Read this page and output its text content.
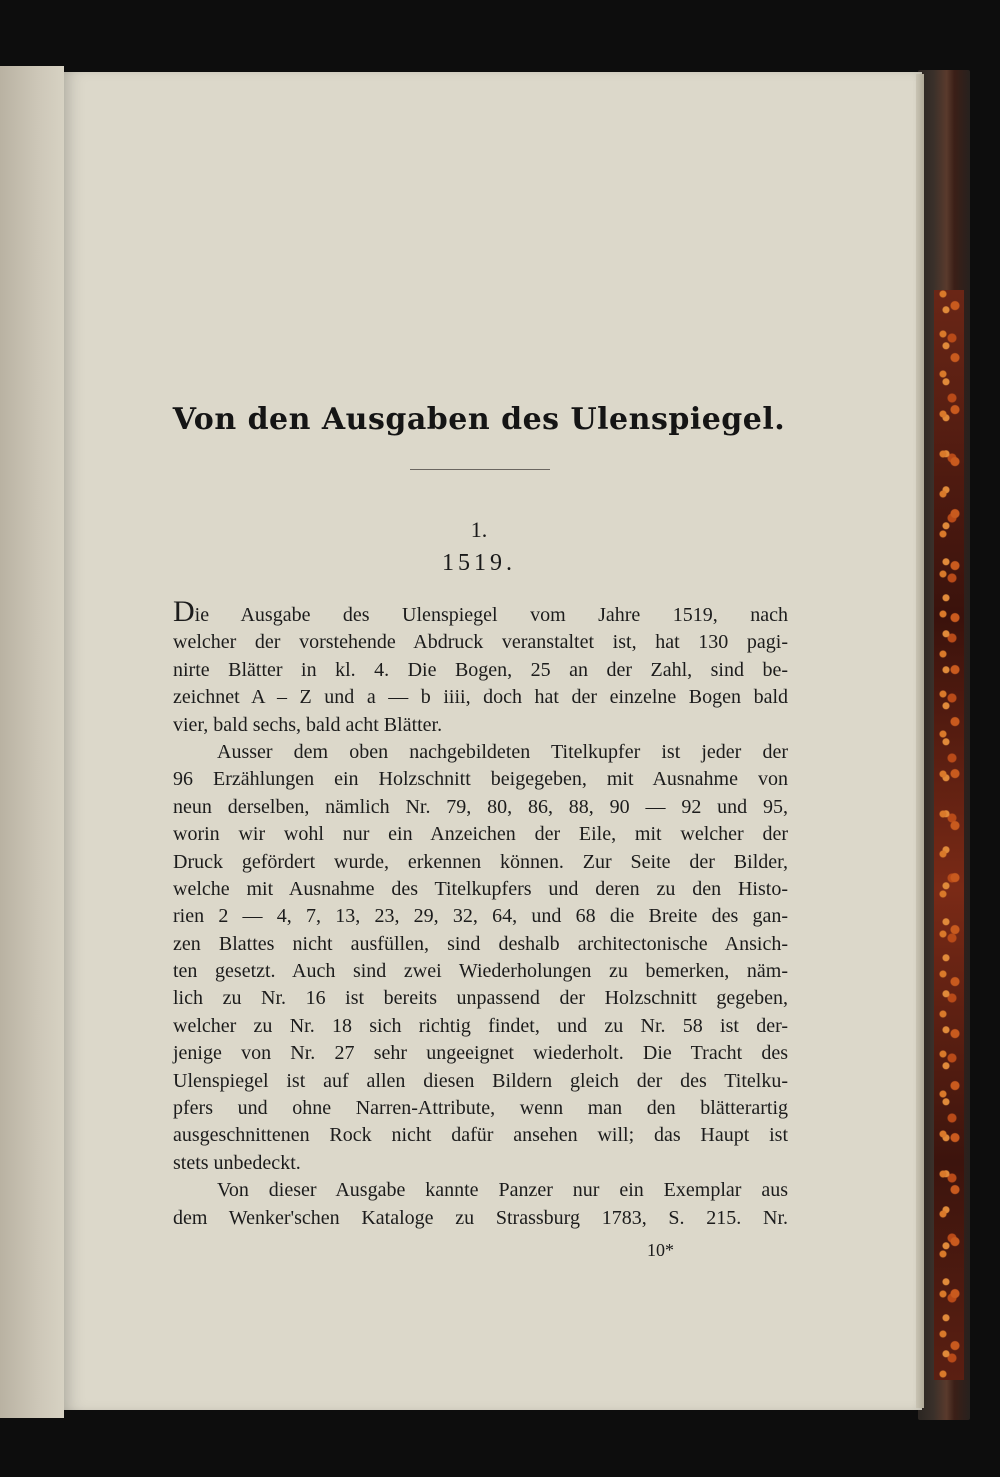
Von den Ausgaben des Ulenspiegel.
1.
1519.
Die Ausgabe des Ulenspiegel vom Jahre 1519, nach
welcher der vorstehende Abdruck veranstaltet ist, hat 130 pagi-
nirte Blätter in kl. 4. Die Bogen, 25 an der Zahl, sind be-
zeichnet A – Z und a — b iiii, doch hat der einzelne Bogen bald
vier, bald sechs, bald acht Blätter.
Ausser dem oben nachgebildeten Titelkupfer ist jeder der
96 Erzählungen ein Holzschnitt beigegeben, mit Ausnahme von
neun derselben, nämlich Nr. 79, 80, 86, 88, 90 — 92 und 95,
worin wir wohl nur ein Anzeichen der Eile, mit welcher der
Druck gefördert wurde, erkennen können. Zur Seite der Bilder,
welche mit Ausnahme des Titelkupfers und deren zu den Histo-
rien 2 — 4, 7, 13, 23, 29, 32, 64, und 68 die Breite des gan-
zen Blattes nicht ausfüllen, sind deshalb architectonische Ansich-
ten gesetzt. Auch sind zwei Wiederholungen zu bemerken, näm-
lich zu Nr. 16 ist bereits unpassend der Holzschnitt gegeben,
welcher zu Nr. 18 sich richtig findet, und zu Nr. 58 ist der-
jenige von Nr. 27 sehr ungeeignet wiederholt. Die Tracht des
Ulenspiegel ist auf allen diesen Bildern gleich der des Titelku-
pfers und ohne Narren-Attribute, wenn man den blätterartig
ausgeschnittenen Rock nicht dafür ansehen will; das Haupt ist
stets unbedeckt.
Von dieser Ausgabe kannte Panzer nur ein Exemplar aus
dem Wenker'schen Kataloge zu Strassburg 1783, S. 215. Nr.
10*
